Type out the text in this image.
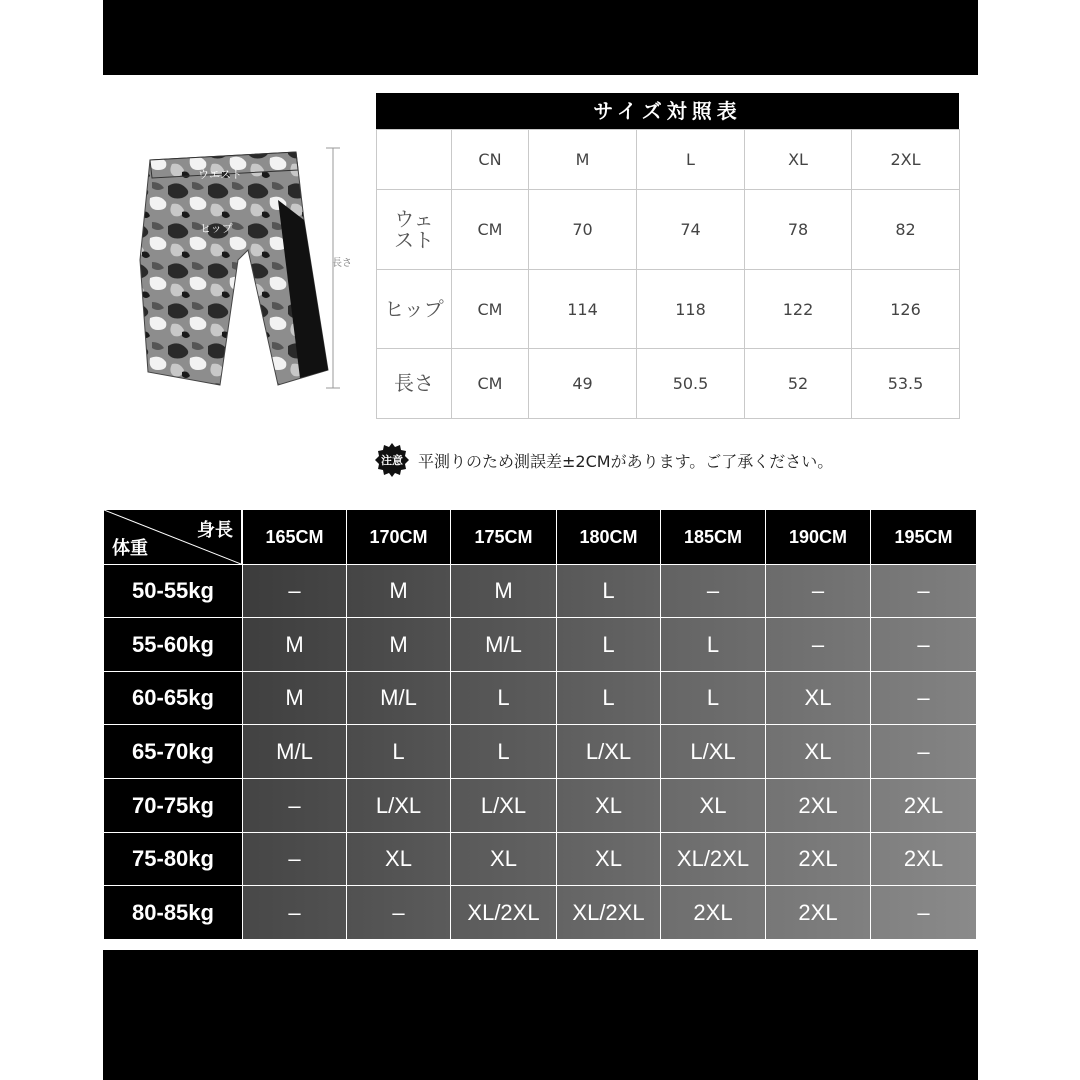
ウエスト
ヒップ
長さ
サイズ対照表
	CN	M	L	XL	2XL
ウェスト	CM	70	74	78	82
ヒップ	CM	114	118	122	126
長さ	CM	49	50.5	52	53.5
注意 平測りのため測誤差±2CMがあります。ご了承ください。
身長
体重
165CM	170CM	175CM	180CM	185CM	190CM	195CM
50-55kg	–	M	M	L	–	–	–
55-60kg	M	M	M/L	L	L	–	–
60-65kg	M	M/L	L	L	L	XL	–
65-70kg	M/L	L	L	L/XL	L/XL	XL	–
70-75kg	–	L/XL	L/XL	XL	XL	2XL	2XL
75-80kg	–	XL	XL	XL	XL/2XL	2XL	2XL
80-85kg	–	–	XL/2XL	XL/2XL	2XL	2XL	–
